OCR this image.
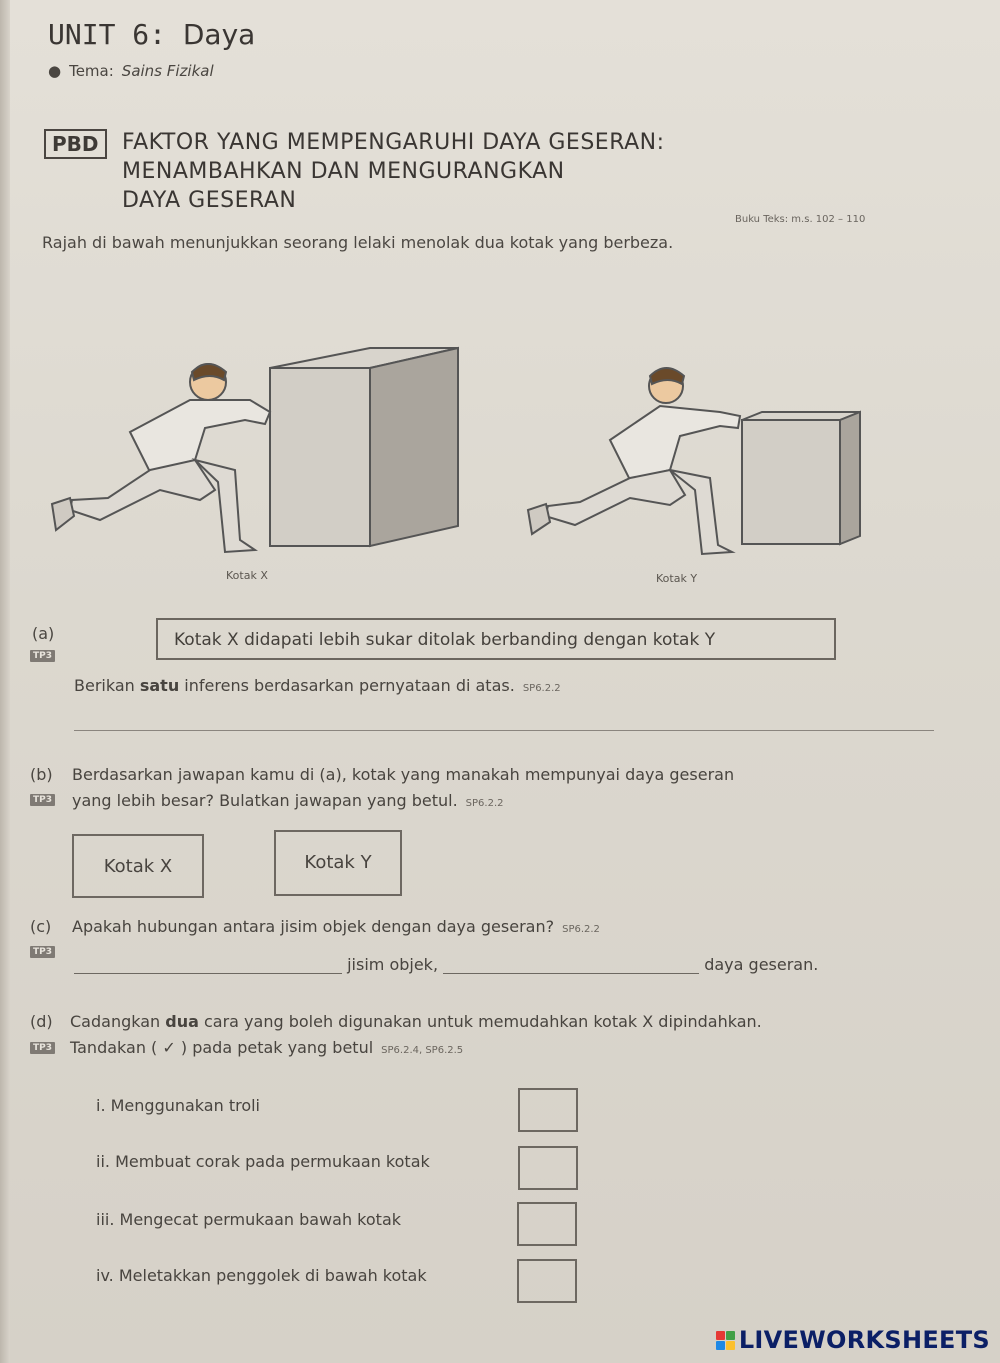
UNIT 6: Daya
● Tema: Sains Fizikal
PBD	FAKTOR YANG MEMPENGARUHI DAYA GESERAN:
MENAMBAHKAN DAN MENGURANGKAN
DAYA GESERAN
Buku Teks: m.s. 102 – 110
Rajah di bawah menunjukkan seorang lelaki menolak dua kotak yang berbeza.
Kotak X	Kotak Y
(a)
TP3
Kotak X didapati lebih sukar ditolak berbanding dengan kotak Y
Berikan satu inferens berdasarkan pernyataan di atas. SP6.2.2
(b) Berdasarkan jawapan kamu di (a), kotak yang manakah mempunyai daya geseran
TP3 yang lebih besar? Bulatkan jawapan yang betul. SP6.2.2
Kotak X	Kotak Y
(c) Apakah hubungan antara jisim objek dengan daya geseran? SP6.2.2
TP3
jisim objek,	daya geseran.
(d) Cadangkan dua cara yang boleh digunakan untuk memudahkan kotak X dipindahkan.
TP3 Tandakan ( ✓ ) pada petak yang betul SP6.2.4, SP6.2.5
i. Menggunakan troli
ii. Membuat corak pada permukaan kotak
iii. Mengecat permukaan bawah kotak
iv. Meletakkan penggolek di bawah kotak
LIVEWORKSHEETS
